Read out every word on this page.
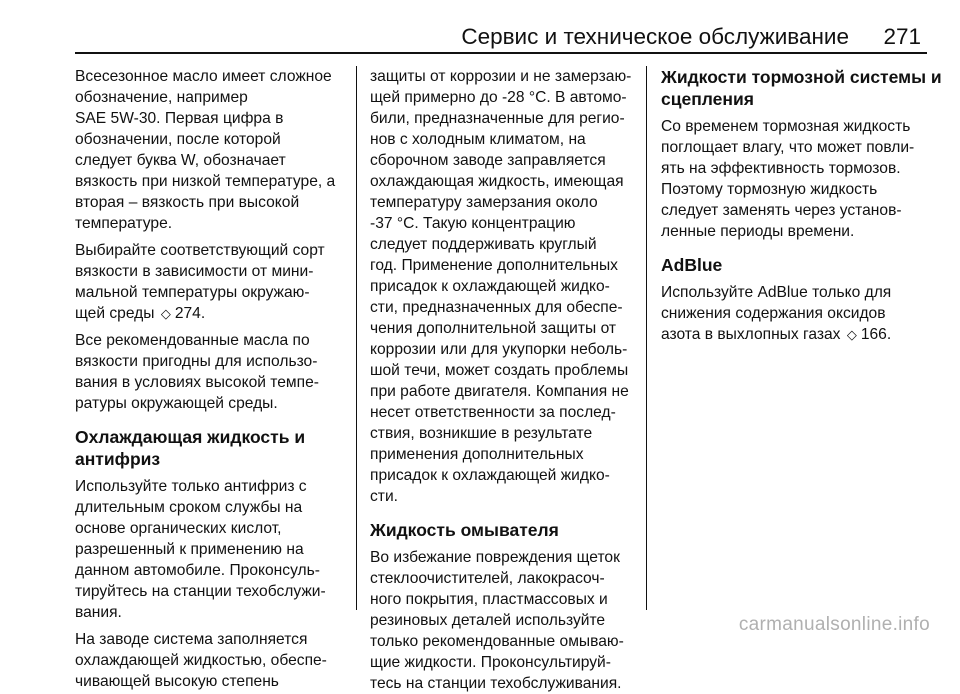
Сервис и техническое обслуживание 271
Всесезонное масло имеет сложное
обозначение, например
SAE 5W-30. Первая цифра в
обозначении, после которой
следует буква W, обозначает
вязкость при низкой температуре, а
вторая – вязкость при высокой
температуре.
Выбирайте соответствующий сорт
вязкости в зависимости от мини‐
мальной температуры окружаю‐
щей среды ◇ 274.
Все рекомендованные масла по
вязкости пригодны для использо‐
вания в условиях высокой темпе‐
ратуры окружающей среды.
Охлаждающая жидкость и
антифриз
Используйте только антифриз с
длительным сроком службы на
основе органических кислот,
разрешенный к применению на
данном автомобиле. Проконсуль‐
тируйтесь на станции техобслужи‐
вания.
На заводе система заполняется
охлаждающей жидкостью, обеспе‐
чивающей высокую степень
защиты от коррозии и не замерзаю‐
щей примерно до -28 °C. В автомо‐
били, предназначенные для регио‐
нов с холодным климатом, на
сборочном заводе заправляется
охлаждающая жидкость, имеющая
температуру замерзания около
-37 °C. Такую концентрацию
следует поддерживать круглый
год. Применение дополнительных
присадок к охлаждающей жидко‐
сти, предназначенных для обеспе‐
чения дополнительной защиты от
коррозии или для укупорки неболь‐
шой течи, может создать проблемы
при работе двигателя. Компания не
несет ответственности за послед‐
ствия, возникшие в результате
применения дополнительных
присадок к охлаждающей жидко‐
сти.
Жидкость омывателя
Во избежание повреждения щеток
стеклоочистителей, лакокрасоч‐
ного покрытия, пластмассовых и
резиновых деталей используйте
только рекомендованные омываю‐
щие жидкости. Проконсультируй‐
тесь на станции техобслуживания.
Жидкости тормозной системы и
сцепления
Со временем тормозная жидкость
поглощает влагу, что может повли‐
ять на эффективность тормозов.
Поэтому тормозную жидкость
следует заменять через установ‐
ленные периоды времени.
AdBlue
Используйте AdBlue только для
снижения содержания оксидов
азота в выхлопных газах ◇ 166.
carmanualsonline.info
